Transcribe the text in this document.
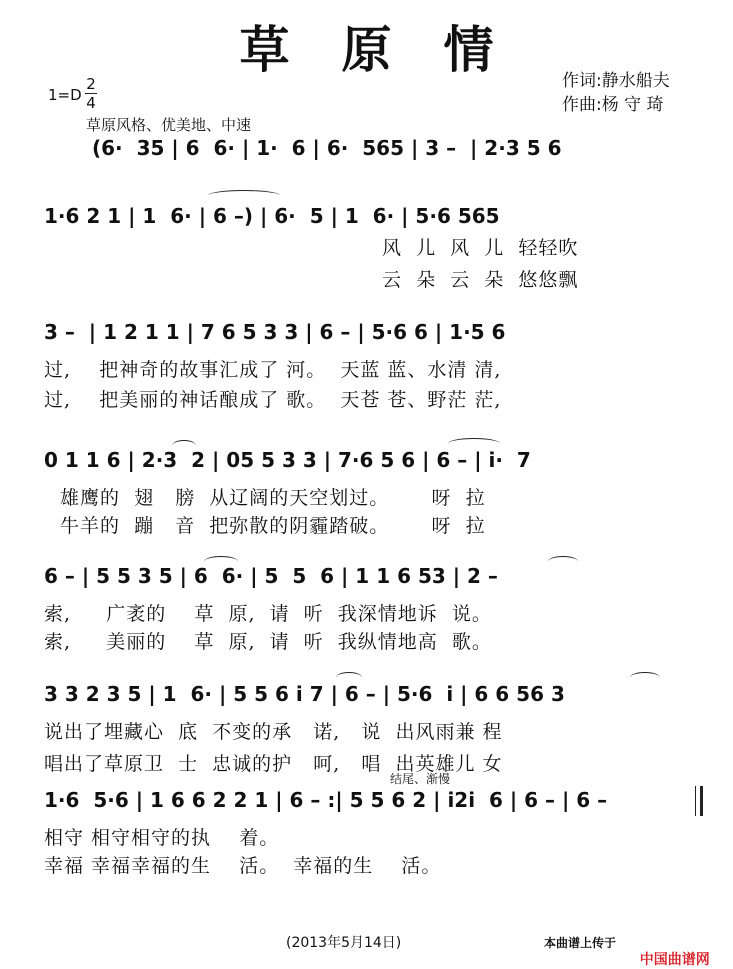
草原情
作词:静水船夫
作曲:杨 守 琦
1=D
2
4
草原风格、优美地、中速
(6·  35 | 6  6· | 1·  6 | 6·  565 | 3 –  | 2·3 5 6
1·6 2 1 | 1  6· | 6 –) | 6·  5 | 1  6· | 5·6 565
风  儿  风  儿  轻轻吹
云  朵  云  朵  悠悠飘
3 –  | 1 2 1 1 | 7 6 5 3 3 | 6 – | 5·6 6 | 1·5 6
过,    把神奇的故事汇成了 河。  天蓝 蓝、水清 清,
过,    把美丽的神话酿成了 歌。  天苍 苍、野茫 茫,
0 1 1 6 | 2·3  2 | 05 5 3 3 | 7·6 5 6 | 6 – | i·  7
雄鹰的  翅   膀  从辽阔的天空划过。      呀  拉
牛羊的  蹦   音  把弥散的阴霾踏破。      呀  拉
6 – | 5 5 3 5 | 6  6· | 5  5  6 | 1 1 6 53 | 2 –
索,     广袤的    草  原,  请  听  我深情地诉  说。
索,     美丽的    草  原,  请  听  我纵情地高  歌。
3 3 2 3 5 | 1  6· | 5 5 6 i 7 | 6 – | 5·6  i | 6 6 56 3
说出了埋藏心  底  不变的承   诺,   说  出风雨兼 程
唱出了草原卫  士  忠诚的护   呵,   唱  出英雄儿 女
结尾、渐慢
1·6  5·6 | 1 6 6 2 2 1 | 6 – :| 5 5 6 2 | i2i  6 | 6 – | 6 –
相守 相守相守的执    着。
幸福 幸福幸福的生    活。  幸福的生    活。
(2013年5月14日)	本曲谱上传于

中国曲谱网
